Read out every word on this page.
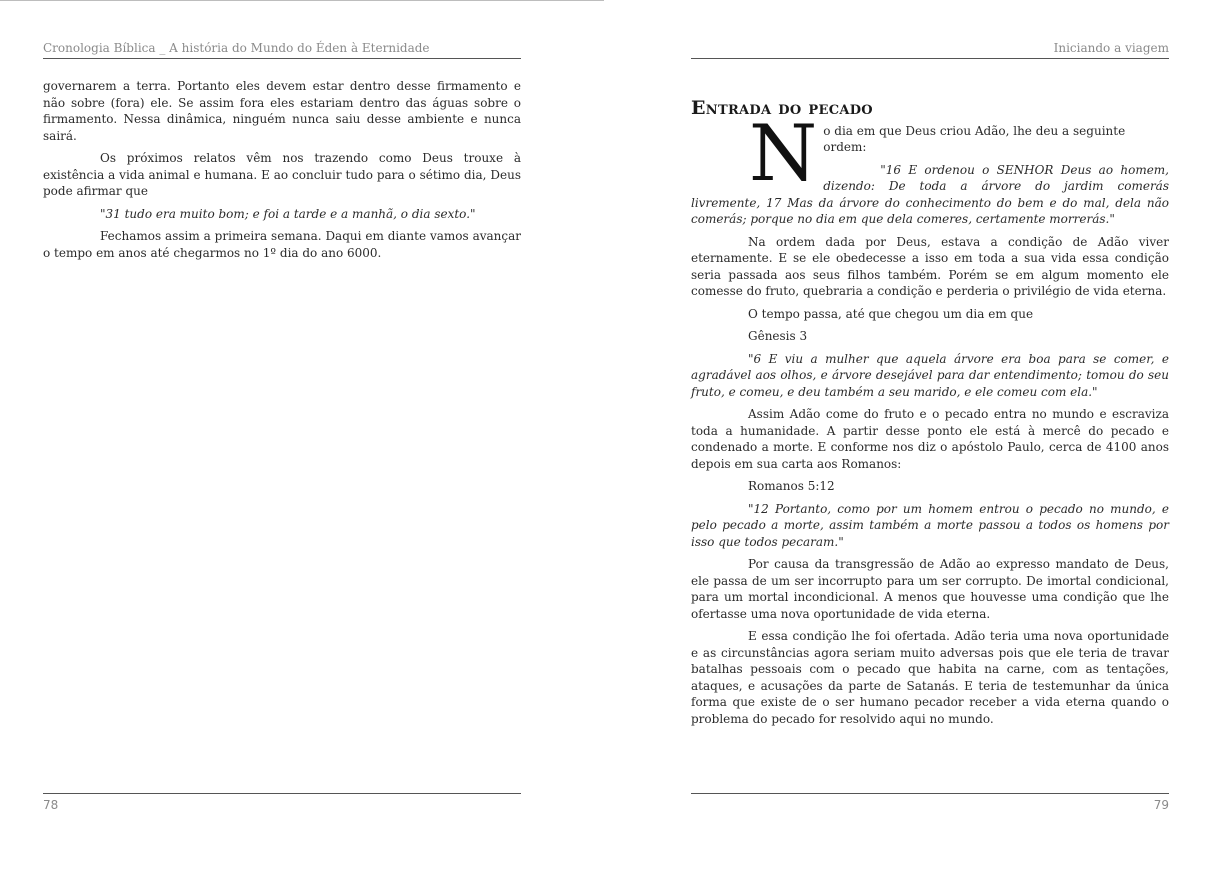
Cronologia Bíblica _ A história do Mundo do Éden à Eternidade

governarem a terra. Portanto eles devem estar dentro desse firmamento e não sobre (fora) ele. Se assim fora eles estariam dentro das águas sobre o firmamento. Nessa dinâmica, ninguém nunca saiu desse ambiente e nunca sairá.

Os próximos relatos vêm nos trazendo como Deus trouxe à existência a vida animal e humana. E ao concluir tudo para o sétimo dia, Deus pode afirmar que

"31 tudo era muito bom; e foi a tarde e a manhã, o dia sexto."

Fechamos assim a primeira semana. Daqui em diante vamos avançar o tempo em anos até chegarmos no 1º dia do ano 6000.

78
Iniciando a viagem
Entrada do pecado
N o dia em que Deus criou Adão, lhe deu a seguinte ordem:

"16 E ordenou o SENHOR Deus ao homem, dizendo: De toda a árvore do jardim comerás livremente, 17 Mas da árvore do conhecimento do bem e do mal, dela não comerás; porque no dia em que dela comeres, certamente morrerás."

Na ordem dada por Deus, estava a condição de Adão viver eternamente. E se ele obedecesse a isso em toda a sua vida essa condição seria passada aos seus filhos também. Porém se em algum momento ele comesse do fruto, quebraria a condição e perderia o privilégio de vida eterna.

O tempo passa, até que chegou um dia em que

Gênesis 3

"6 E viu a mulher que aquela árvore era boa para se comer, e agradável aos olhos, e árvore desejável para dar entendimento; tomou do seu fruto, e comeu, e deu também a seu marido, e ele comeu com ela."

Assim Adão come do fruto e o pecado entra no mundo e escraviza toda a humanidade. A partir desse ponto ele está à mercê do pecado e condenado a morte. E conforme nos diz o apóstolo Paulo, cerca de 4100 anos depois em sua carta aos Romanos:

Romanos 5:12

"12 Portanto, como por um homem entrou o pecado no mundo, e pelo pecado a morte, assim também a morte passou a todos os homens por isso que todos pecaram."

Por causa da transgressão de Adão ao expresso mandato de Deus, ele passa de um ser incorrupto para um ser corrupto. De imortal condicional, para um mortal incondicional. A menos que houvesse uma condição que lhe ofertasse uma nova oportunidade de vida eterna.

E essa condição lhe foi ofertada. Adão teria uma nova oportunidade e as circunstâncias agora seriam muito adversas pois que ele teria de travar batalhas pessoais com o pecado que habita na carne, com as tentações, ataques, e acusações da parte de Satanás. E teria de testemunhar da única forma que existe de o ser humano pecador receber a vida eterna quando o problema do pecado for resolvido aqui no mundo.

79
